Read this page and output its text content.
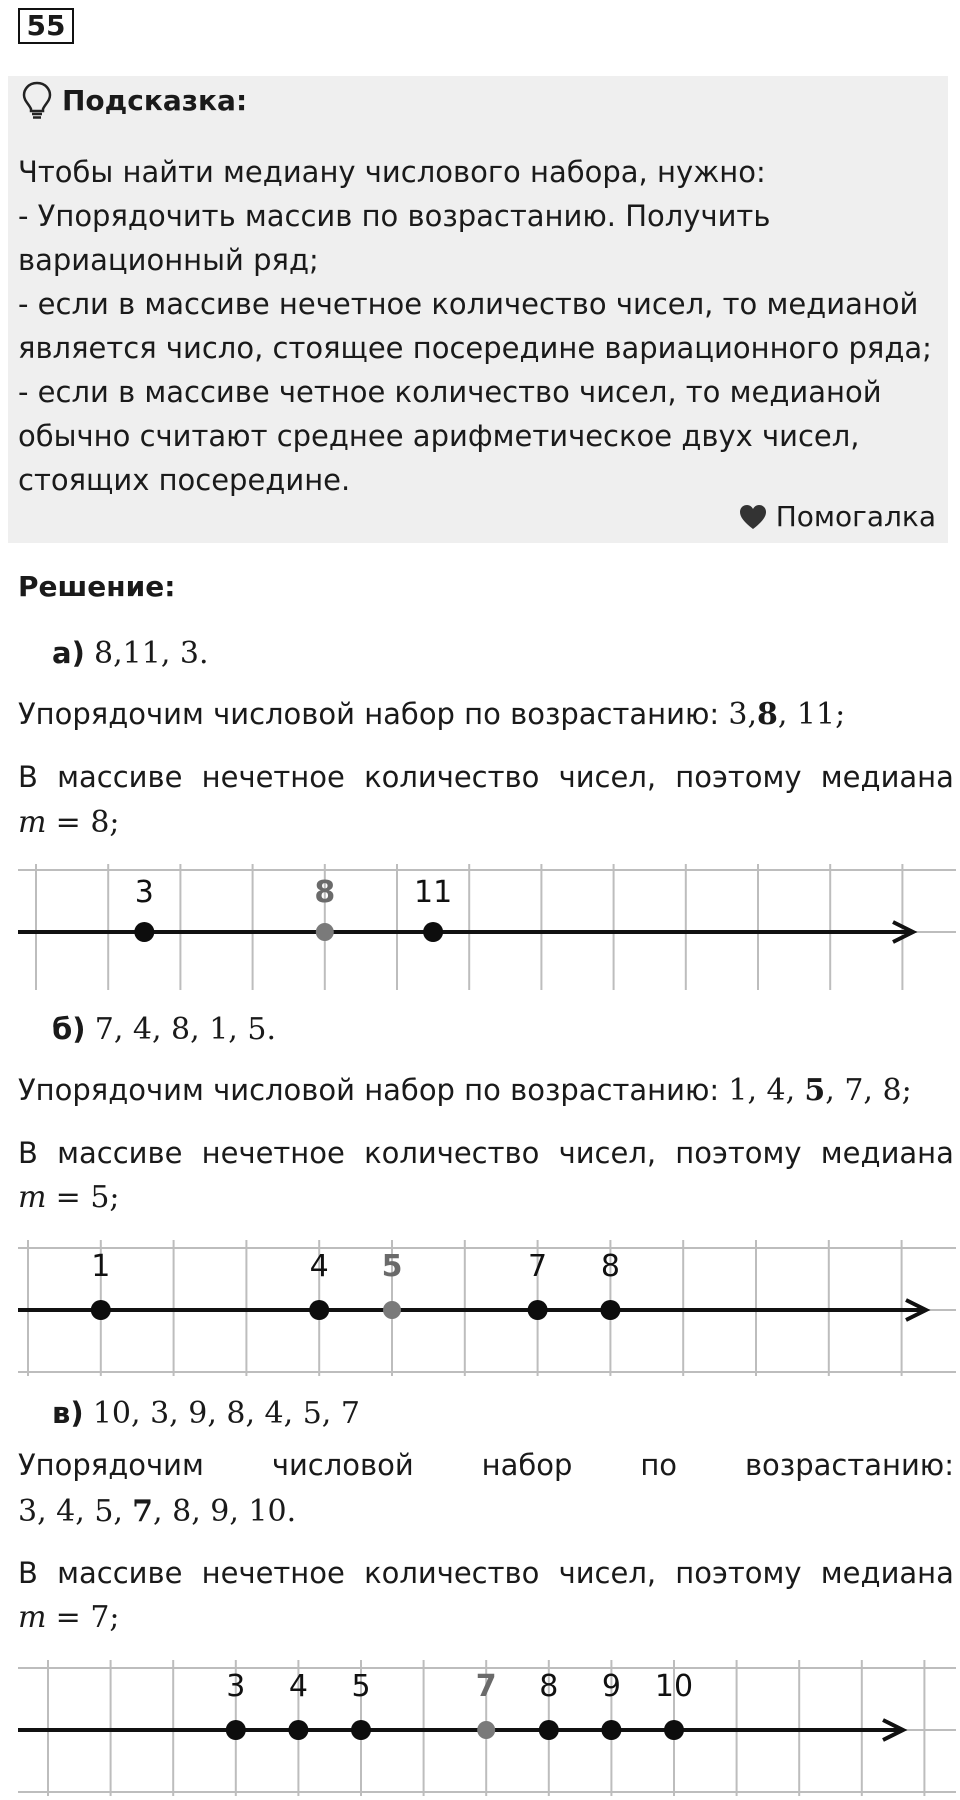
55
Подсказка:
Чтобы найти медиану числового набора, нужно:
- Упорядочить массив по возрастанию. Получить
вариационный ряд;
- если в массиве нечетное количество чисел, то медианой
является число, стоящее посередине вариационного ряда;
- если в массиве четное количество чисел, то медианой
обычно считают среднее арифметическое двух чисел,
стоящих посередине.
Помогалка
Решение:
а) 8,11, 3.
Упорядочим числовой набор по возрастанию: 3,8, 11;
В массиве нечетное количество чисел, поэтому медиана
m = 8;
3	8	11
б) 7, 4, 8, 1, 5.
Упорядочим числовой набор по возрастанию: 1, 4, 5, 7, 8;
В массиве нечетное количество чисел, поэтому медиана
m = 5;
1	4 5	7 8
в) 10, 3, 9, 8, 4, 5, 7
Упорядочим числовой набор по возрастанию:
3, 4, 5, 7, 8, 9, 10.
В массиве нечетное количество чисел, поэтому медиана
m = 7;
3 4 5	7 8 9 10
